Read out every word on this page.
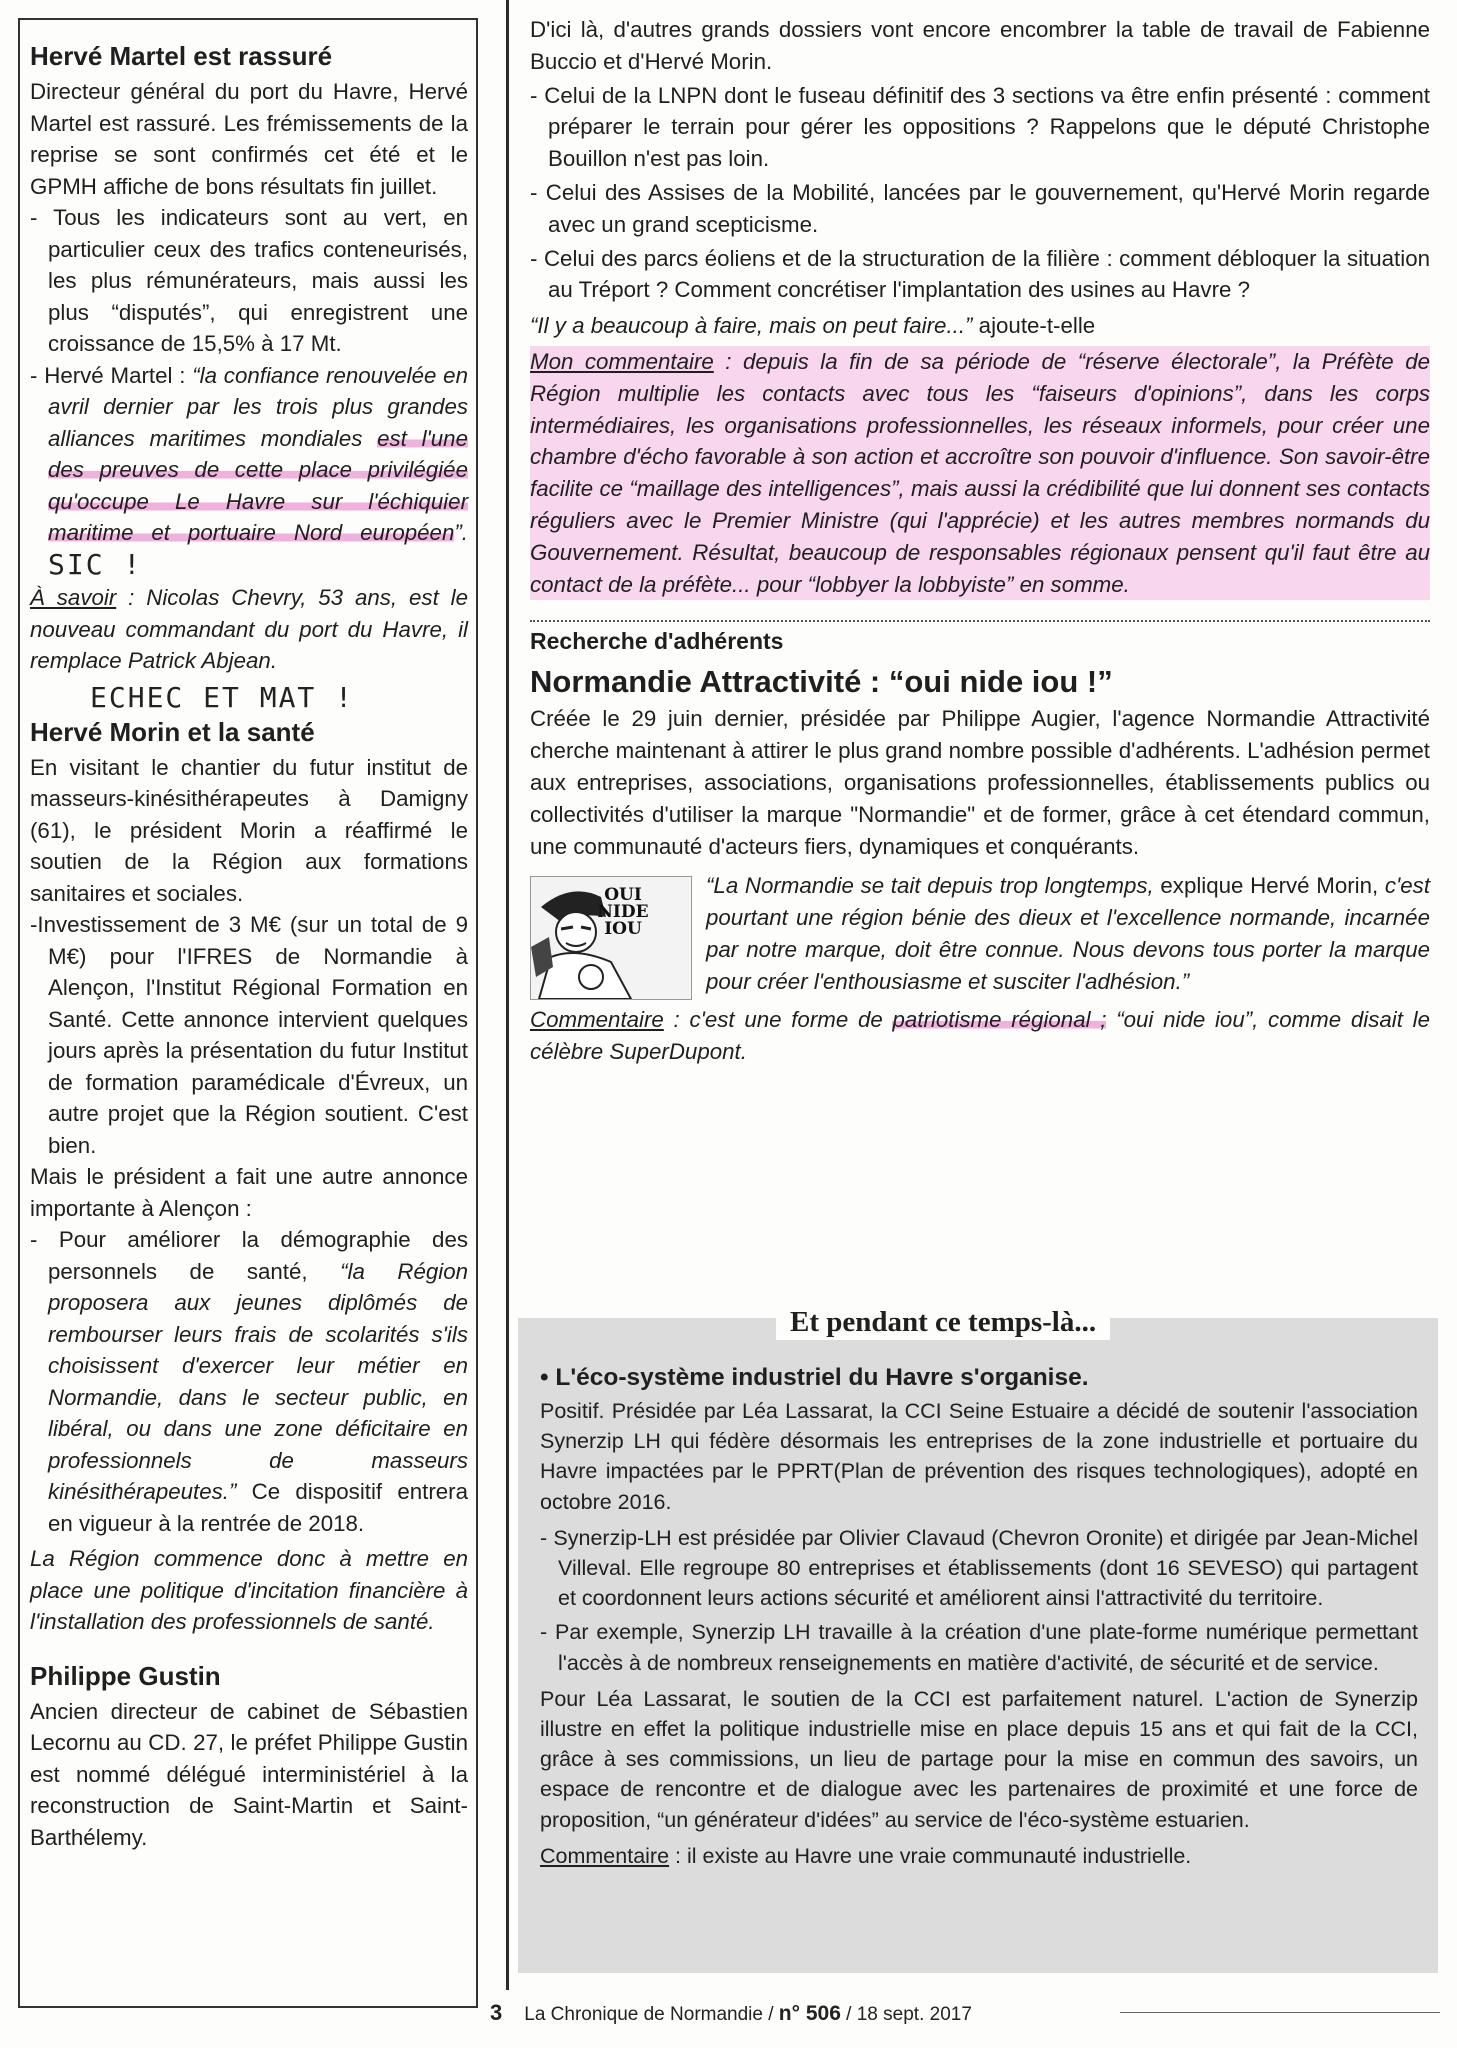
Hervé Martel est rassuré

Directeur général du port du Havre, Hervé Martel est rassuré. Les frémissements de la reprise se sont confirmés cet été et le GPMH affiche de bons résultats fin juillet.

- Tous les indicateurs sont au vert, en particulier ceux des trafics conteneurisés, les plus rémunérateurs, mais aussi les plus “disputés”, qui enregistrent une croissance de 15,5% à 17 Mt.
- Hervé Martel : “la confiance renouvelée en avril dernier par les trois plus grandes alliances maritimes mondiales est l'une des preuves de cette place privilégiée qu'occupe Le Havre sur l'échiquier maritime et portuaire Nord européen”. SIC !

À savoir : Nicolas Chevry, 53 ans, est le nouveau commandant du port du Havre, il remplace Patrick Abjean.

ECHEC ET MAT !
Hervé Morin et la santé

En visitant le chantier du futur institut de masseurs-kinésithérapeutes à Damigny (61), le président Morin a réaffirmé le soutien de la Région aux formations sanitaires et sociales.

-Investissement de 3 M€ (sur un total de 9 M€) pour l'IFRES de Normandie à Alençon, l'Institut Régional Formation en Santé. Cette annonce intervient quelques jours après la présentation du futur Institut de formation paramédicale d'Évreux, un autre projet que la Région soutient. C'est bien.

Mais le président a fait une autre annonce importante à Alençon :

- Pour améliorer la démographie des personnels de santé, “la Région proposera aux jeunes diplômés de rembourser leurs frais de scolarités s'ils choisissent d'exercer leur métier en Normandie, dans le secteur public, en libéral, ou dans une zone déficitaire en professionnels de masseurs kinésithérapeutes.” Ce dispositif entrera en vigueur à la rentrée de 2018.

La Région commence donc à mettre en place une politique d'incitation financière à l'installation des professionnels de santé.

Philippe Gustin

Ancien directeur de cabinet de Sébastien Lecornu au CD. 27, le préfet Philippe Gustin est nommé délégué interministériel à la reconstruction de Saint-Martin et Saint-Barthélemy.

D'ici là, d'autres grands dossiers vont encore encombrer la table de travail de Fabienne Buccio et d'Hervé Morin.

- Celui de la LNPN dont le fuseau définitif des 3 sections va être enfin présenté : comment préparer le terrain pour gérer les oppositions ? Rappelons que le député Christophe Bouillon n'est pas loin.
- Celui des Assises de la Mobilité, lancées par le gouvernement, qu'Hervé Morin regarde avec un grand scepticisme.
- Celui des parcs éoliens et de la structuration de la filière : comment débloquer la situation au Tréport ? Comment concrétiser l'implantation des usines au Havre ?

“Il y a beaucoup à faire, mais on peut faire...” ajoute-t-elle

Mon commentaire : depuis la fin de sa période de “réserve électorale”, la Préfète de Région multiplie les contacts avec tous les “faiseurs d'opinions”, dans les corps intermédiaires, les organisations professionnelles, les réseaux informels, pour créer une chambre d'écho favorable à son action et accroître son pouvoir d'influence. Son savoir-être facilite ce “maillage des intelligences”, mais aussi la crédibilité que lui donnent ses contacts réguliers avec le Premier Ministre (qui l'apprécie) et les autres membres normands du Gouvernement. Résultat, beaucoup de responsables régionaux pensent qu'il faut être au contact de la préfète... pour “lobbyer la lobbyiste” en somme.

Recherche d'adhérents
Normandie Attractivité : “oui nide iou !”

Créée le 29 juin dernier, présidée par Philippe Augier, l'agence Normandie Attractivité cherche maintenant à attirer le plus grand nombre possible d'adhérents. L'adhésion permet aux entreprises, associations, organisations professionnelles, établissements publics ou collectivités d'utiliser la marque "Normandie" et de former, grâce à cet étendard commun, une communauté d'acteurs fiers, dynamiques et conquérants.

OUI NIDE IOU

“La Normandie se tait depuis trop longtemps, explique Hervé Morin, c'est pourtant une région bénie des dieux et l'excellence normande, incarnée par notre marque, doit être connue. Nous devons tous porter la marque pour créer l'enthousiasme et susciter l'adhésion.”

Commentaire : c'est une forme de patriotisme régional ; “oui nide iou”, comme disait le célèbre SuperDupont.

Et pendant ce temps-là...
• L'éco-système industriel du Havre s'organise.

Positif. Présidée par Léa Lassarat, la CCI Seine Estuaire a décidé de soutenir l'association Synerzip LH qui fédère désormais les entreprises de la zone industrielle et portuaire du Havre impactées par le PPRT(Plan de prévention des risques technologiques), adopté en octobre 2016.

- Synerzip-LH est présidée par Olivier Clavaud (Chevron Oronite) et dirigée par Jean-Michel Villeval. Elle regroupe 80 entreprises et établissements (dont 16 SEVESO) qui partagent et coordonnent leurs actions sécurité et améliorent ainsi l'attractivité du territoire.
- Par exemple, Synerzip LH travaille à la création d'une plate-forme numérique permettant l'accès à de nombreux renseignements en matière d'activité, de sécurité et de service.

Pour Léa Lassarat, le soutien de la CCI est parfaitement naturel. L'action de Synerzip illustre en effet la politique industrielle mise en place depuis 15 ans et qui fait de la CCI, grâce à ses commissions, un lieu de partage pour la mise en commun des savoirs, un espace de rencontre et de dialogue avec les partenaires de proximité et une force de proposition, “un générateur d'idées” au service de l'éco-système estuarien.

Commentaire : il existe au Havre une vraie communauté industrielle.

3 La Chronique de Normandie / n° 506 / 18 sept. 2017
